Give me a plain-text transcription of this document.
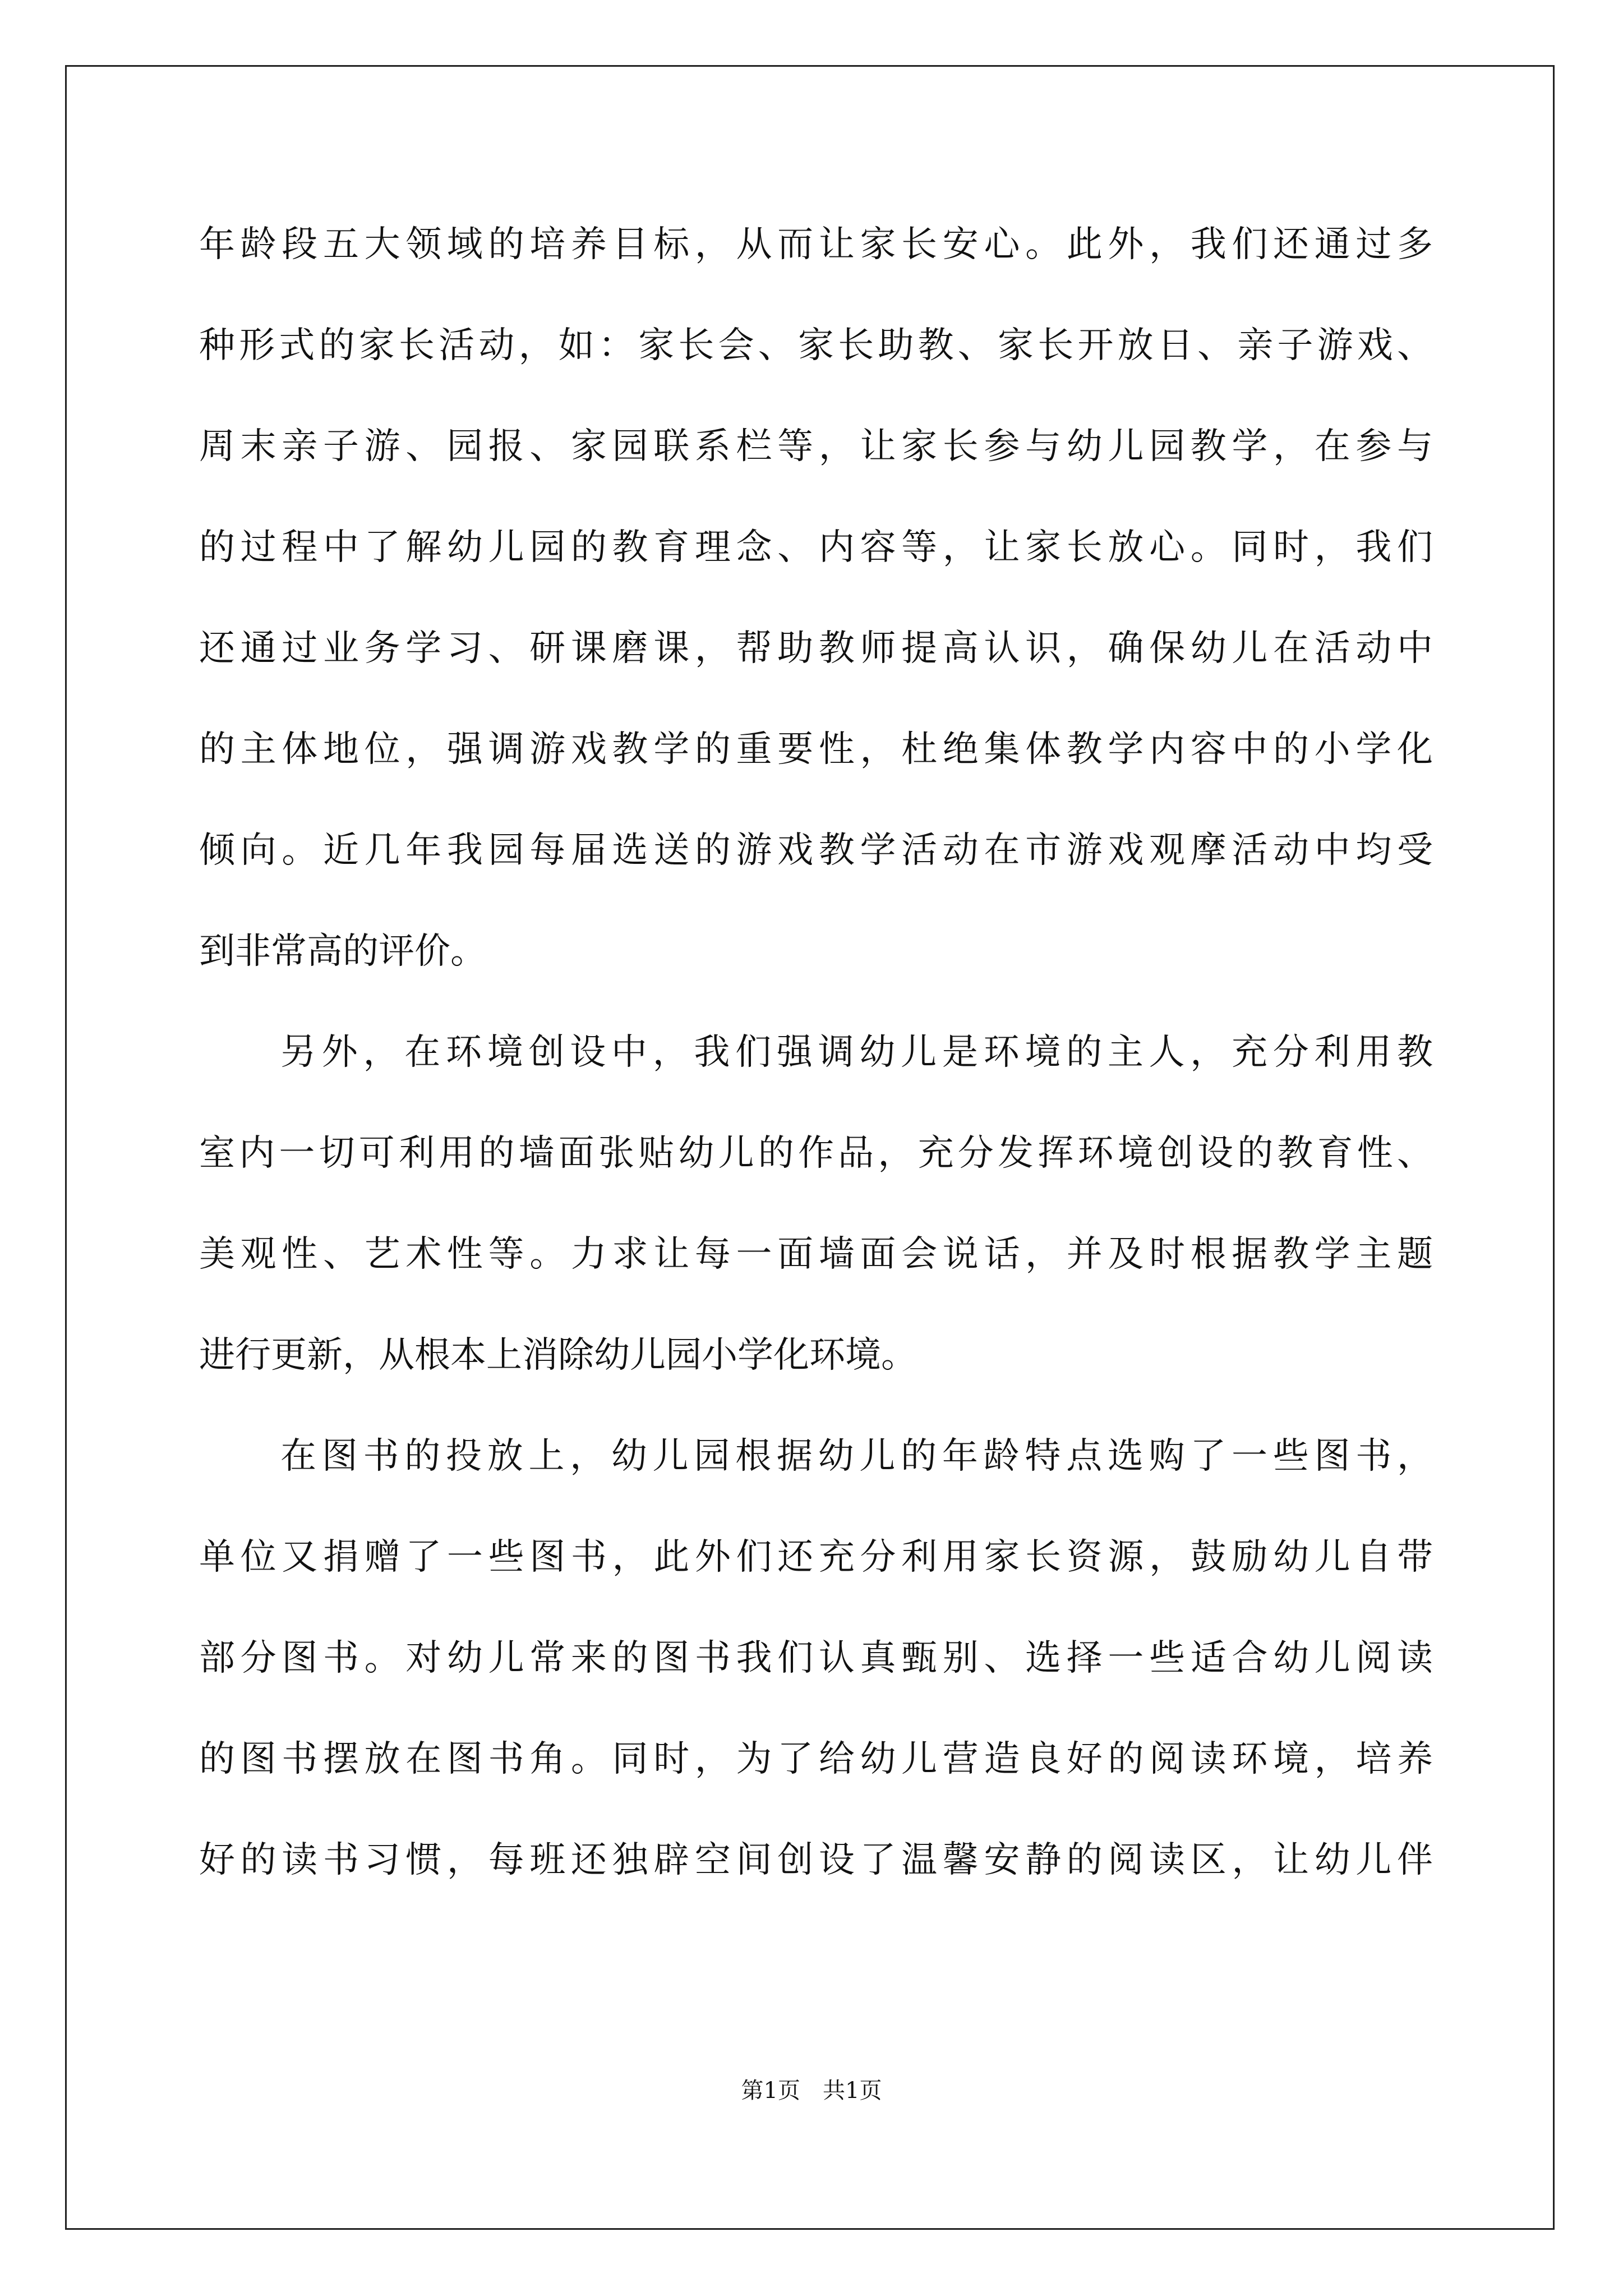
年龄段五大领域的培养目标，从而让家长安心。此外，我们还通过多
种形式的家长活动，如：家长会、家长助教、家长开放日、亲子游戏、
周末亲子游、园报、家园联系栏等，让家长参与幼儿园教学，在参与
的过程中了解幼儿园的教育理念、内容等，让家长放心。同时，我们
还通过业务学习、研课磨课，帮助教师提高认识，确保幼儿在活动中
的主体地位，强调游戏教学的重要性，杜绝集体教学内容中的小学化
倾向。近几年我园每届选送的游戏教学活动在市游戏观摩活动中均受
到非常高的评价。
另外，在环境创设中，我们强调幼儿是环境的主人，充分利用教
室内一切可利用的墙面张贴幼儿的作品，充分发挥环境创设的教育性、
美观性、艺术性等。力求让每一面墙面会说话，并及时根据教学主题
进行更新，从根本上消除幼儿园小学化环境。
在图书的投放上，幼儿园根据幼儿的年龄特点选购了一些图书，
单位又捐赠了一些图书，此外们还充分利用家长资源，鼓励幼儿自带
部分图书。对幼儿常来的图书我们认真甄别、选择一些适合幼儿阅读
的图书摆放在图书角。同时，为了给幼儿营造良好的阅读环境，培养
好的读书习惯，每班还独辟空间创设了温馨安静的阅读区，让幼儿伴
第1页　共1页
